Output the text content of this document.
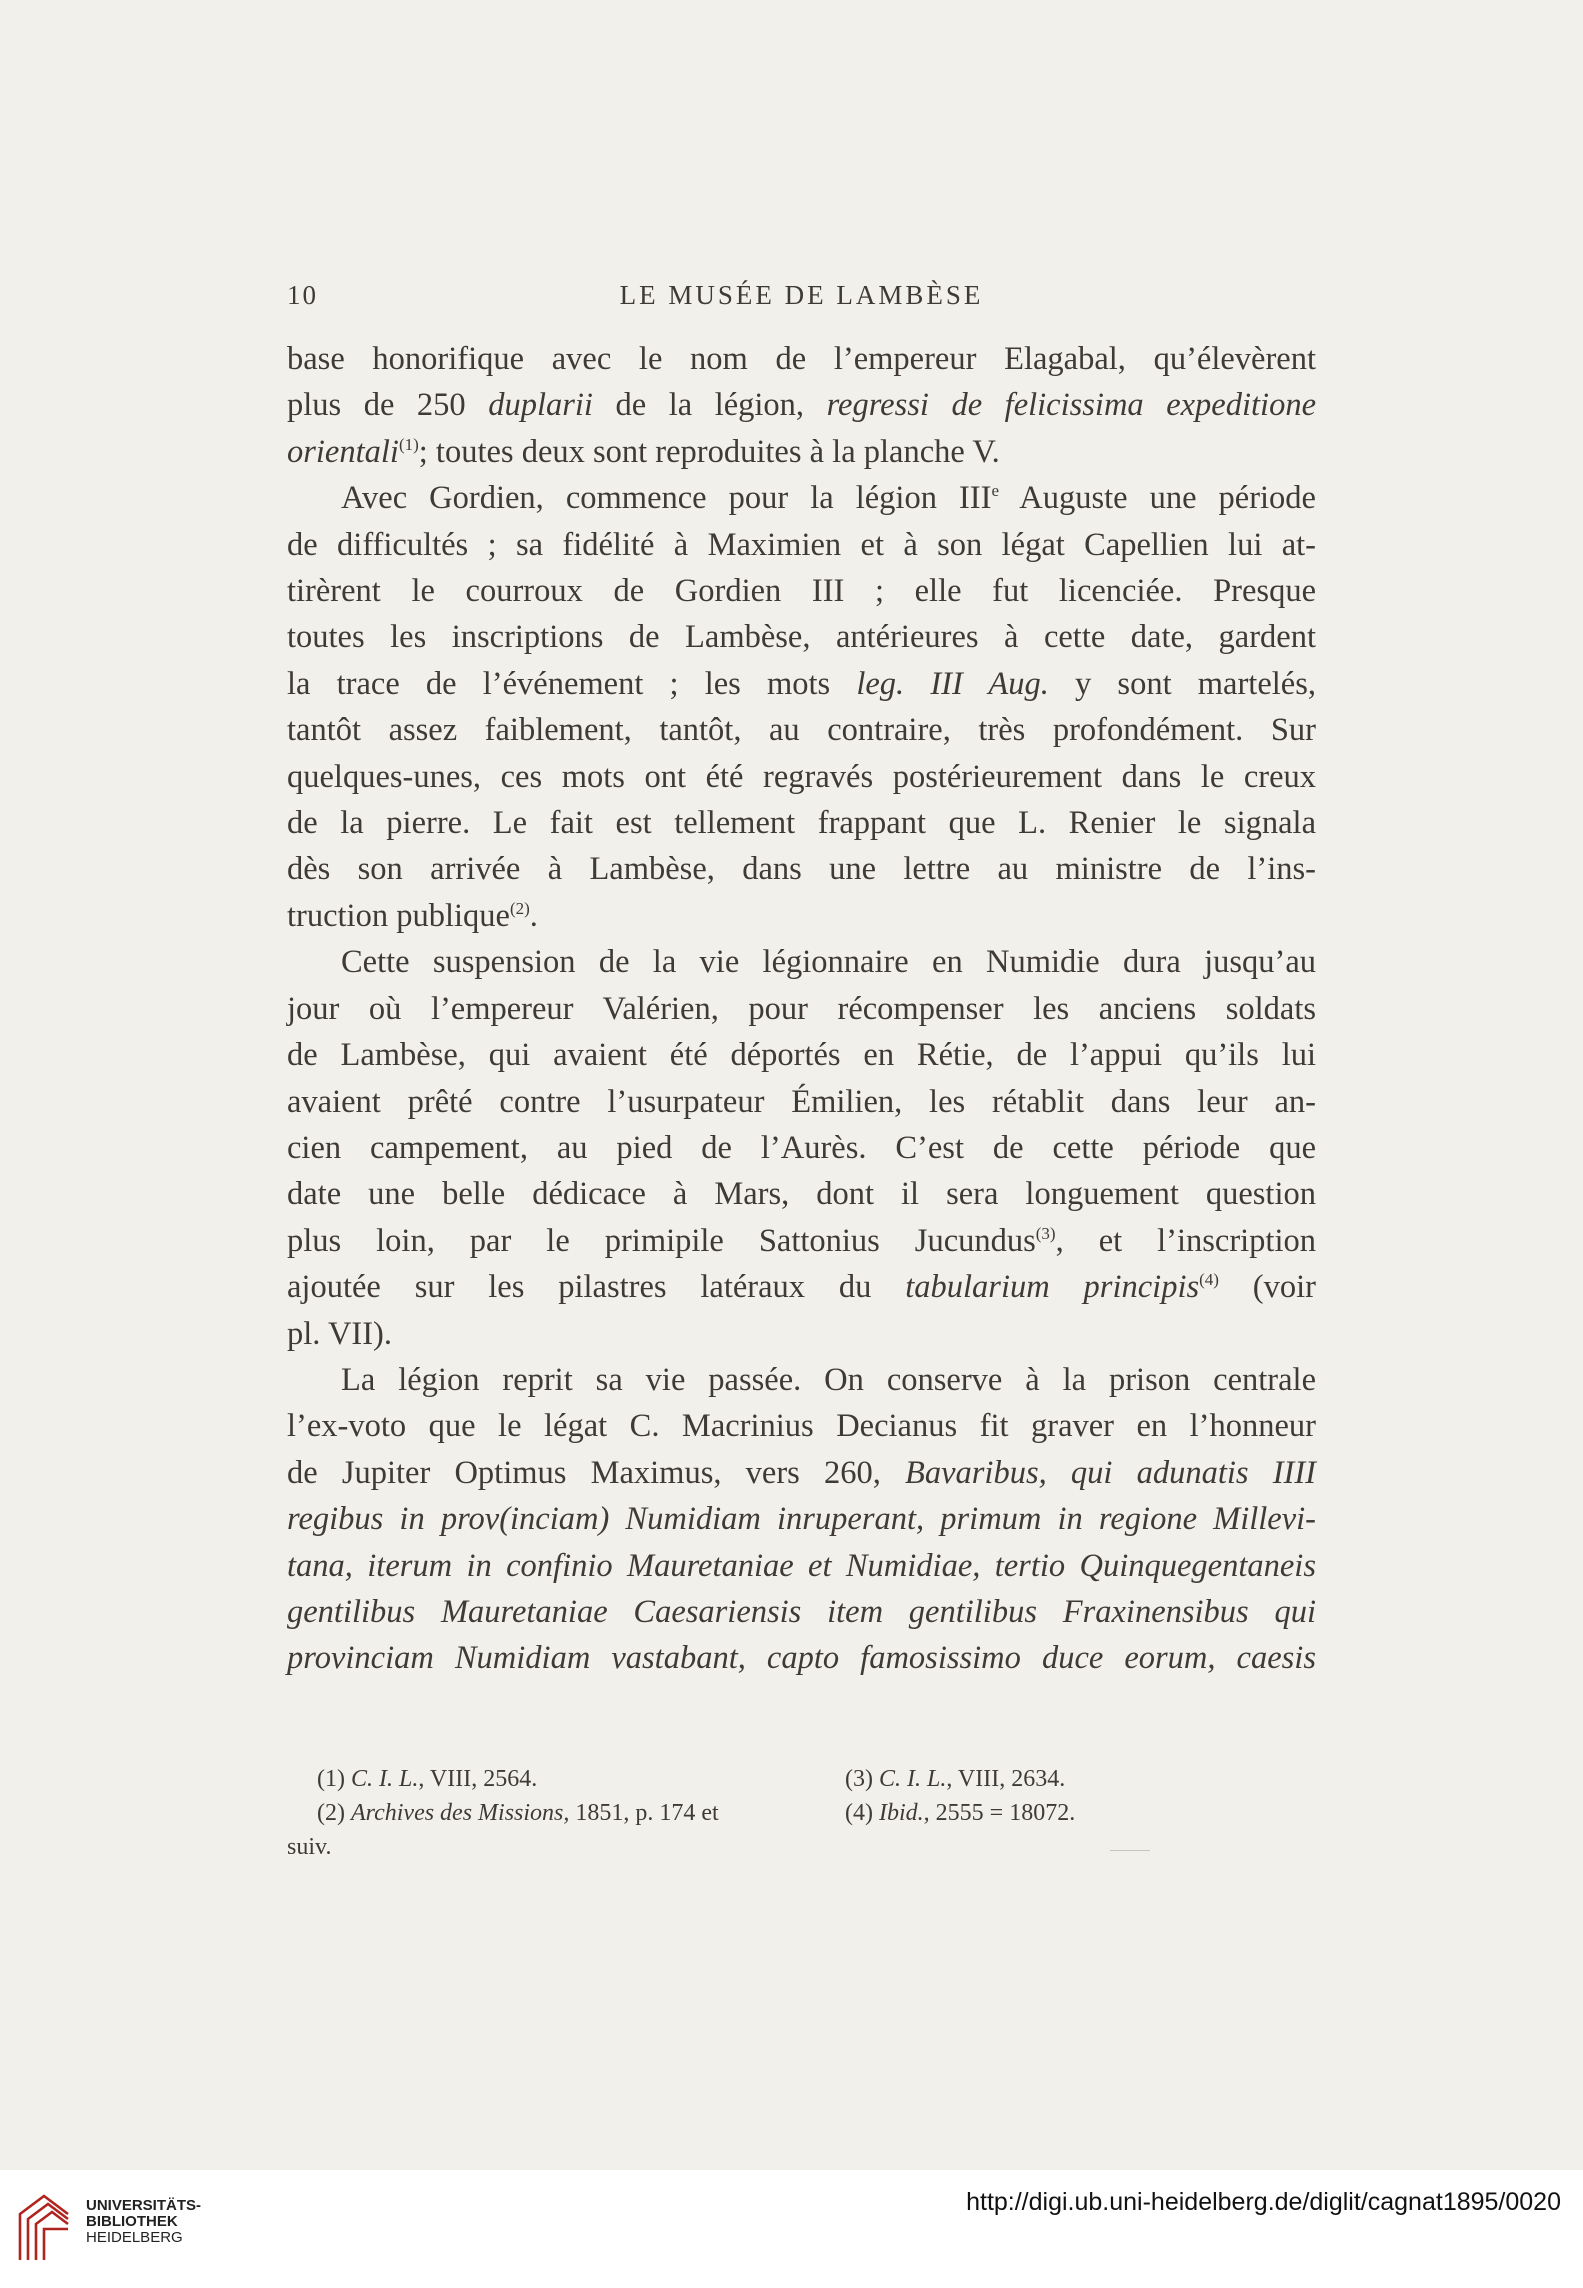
10	LE MUSÉE DE LAMBÈSE

base honorifique avec le nom de l’empereur Elagabal, qu’élevèrent
plus de 250 duplarii de la légion, regressi de felicissima expeditione
orientali$^{(1)}$; toutes deux sont reproduites à la planche V.

Avec Gordien, commence pour la légion IIIe Auguste une période
de difficultés ; sa fidélité à Maximien et à son légat Capellien lui at-
tirèrent le courroux de Gordien III ; elle fut licenciée. Presque
toutes les inscriptions de Lambèse, antérieures à cette date, gardent
la trace de l’événement ; les mots leg. III Aug. y sont martelés,
tantôt assez faiblement, tantôt, au contraire, très profondément. Sur
quelques-unes, ces mots ont été regravés postérieurement dans le creux
de la pierre. Le fait est tellement frappant que L. Renier le signala
dès son arrivée à Lambèse, dans une lettre au ministre de l’ins-
truction publique$^{(2)}$.

Cette suspension de la vie légionnaire en Numidie dura jusqu’au
jour où l’empereur Valérien, pour récompenser les anciens soldats
de Lambèse, qui avaient été déportés en Rétie, de l’appui qu’ils lui
avaient prêté contre l’usurpateur Émilien, les rétablit dans leur an-
cien campement, au pied de l’Aurès. C’est de cette période que
date une belle dédicace à Mars, dont il sera longuement question
plus loin, par le primipile Sattonius Jucundus$^{(3)}$, et l’inscription
ajoutée sur les pilastres latéraux du tabularium principis$^{(4)}$ (voir
pl. VII).

La légion reprit sa vie passée. On conserve à la prison centrale
l’ex-voto que le légat C. Macrinius Decianus fit graver en l’honneur
de Jupiter Optimus Maximus, vers 260, Bavaribus, qui adunatis IIII
regibus in prov(inciam) Numidiam inruperant, primum in regione Millevi-
tana, iterum in confinio Mauretaniae et Numidiae, tertio Quinquegentaneis
gentilibus Mauretaniae Caesariensis item gentilibus Fraxinensibus qui
provinciam Numidiam vastabant, capto famosissimo duce eorum, caesis

(1) C. I. L., VIII, 2564.
(2) Archives des Missions, 1851, p. 174 et
(3) C. I. L., VIII, 2634.
(4) Ibid., 2555 = 18072.
suiv.
UNIVERSITÄTS-
BIBLIOTHEK
HEIDELBERG
http://digi.ub.uni-heidelberg.de/diglit/cagnat1895/0020
